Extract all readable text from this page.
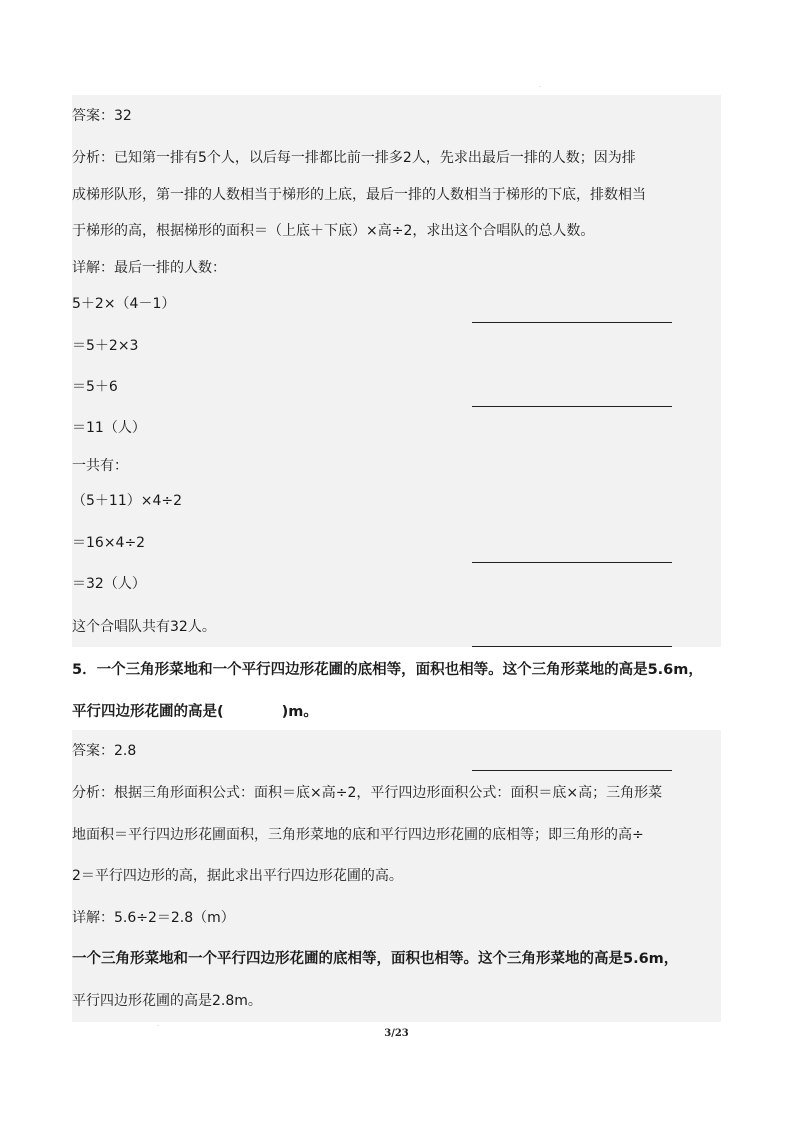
·
·
答案：32
分析：已知第一排有5个人，以后每一排都比前一排多2人，先求出最后一排的人数；因为排
成梯形队形，第一排的人数相当于梯形的上底，最后一排的人数相当于梯形的下底，排数相当
于梯形的高，根据梯形的面积＝（上底＋下底）×高÷2，求出这个合唱队的总人数。
详解：最后一排的人数：
5＋2×（4－1）
＝5＋2×3
＝5＋6
＝11（人）
一共有：
（5＋11）×4÷2
＝16×4÷2
＝32（人）
这个合唱队共有32人。
5．一个三角形菜地和一个平行四边形花圃的底相等，面积也相等。这个三角形菜地的高是5.6m，
平行四边形花圃的高是(	)m。
答案：2.8
分析：根据三角形面积公式：面积＝底×高÷2，平行四边形面积公式：面积＝底×高；三角形菜
地面积＝平行四边形花圃面积，三角形菜地的底和平行四边形花圃的底相等；即三角形的高÷
2＝平行四边形的高，据此求出平行四边形花圃的高。
详解：5.6÷2＝2.8（m）
一个三角形菜地和一个平行四边形花圃的底相等，面积也相等。这个三角形菜地的高是5.6m，
平行四边形花圃的高是2.8m。
3/23
